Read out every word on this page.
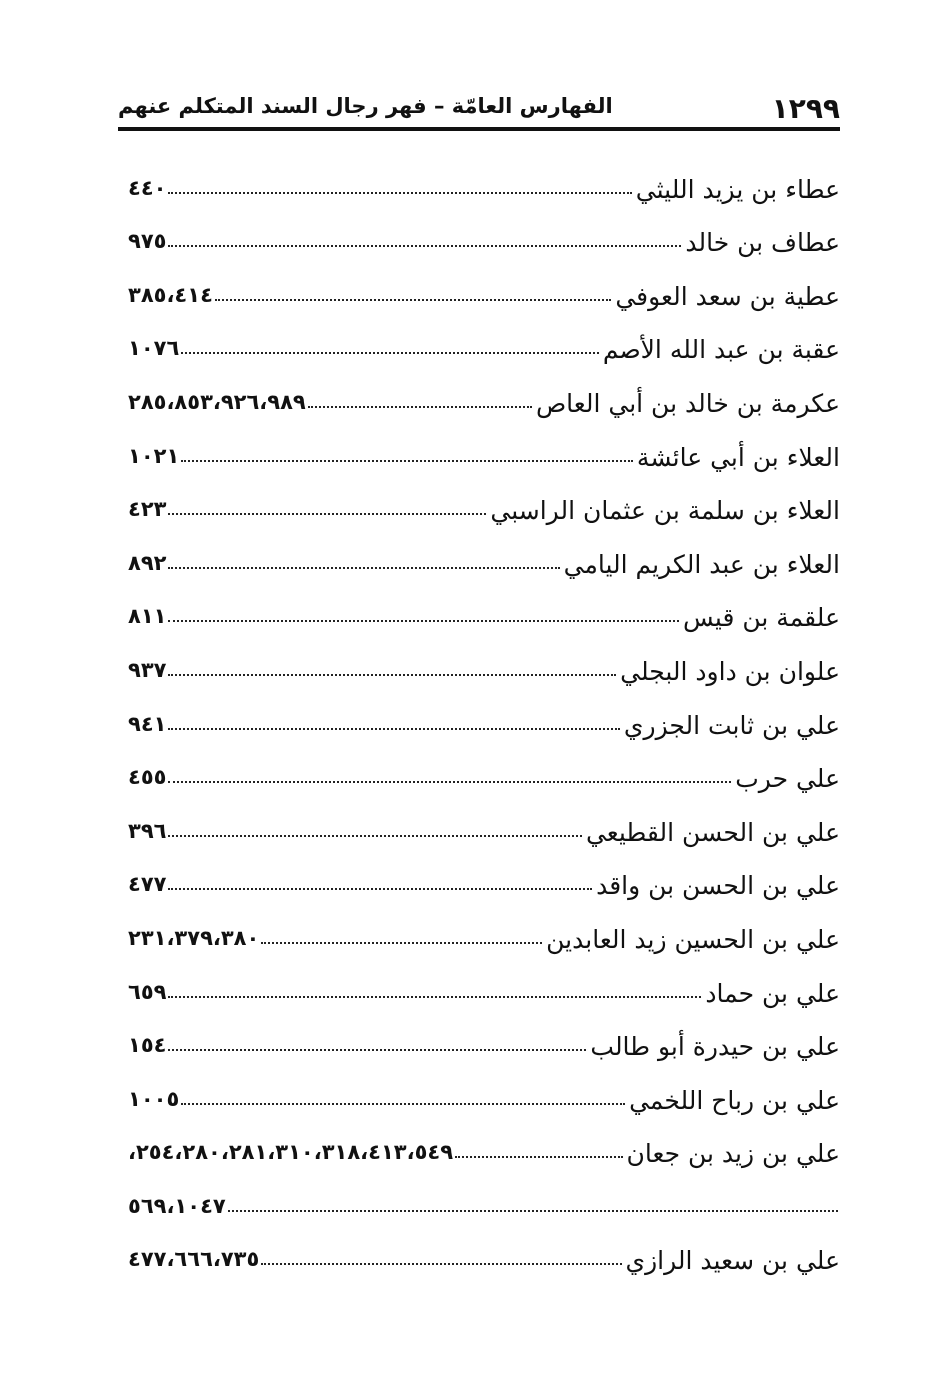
١٢٩٩
الفهارس العامّة – فهر رجال السند المتكلم عنهم
عطاء بن يزيد الليثي
٤٤٠
عطاف بن خالد
٩٧٥
عطية بن سعد العوفي
٣٨٥،٤١٤
عقبة بن عبد الله الأصم
١٠٧٦
عكرمة بن خالد بن أبي العاص
٢٨٥،٨٥٣،٩٢٦،٩٨٩
العلاء بن أبي عائشة
١٠٢١
العلاء بن سلمة بن عثمان الراسبي
٤٢٣
العلاء بن عبد الكريم اليامي
٨٩٢
علقمة بن قيس
٨١١
علوان بن داود البجلي
٩٣٧
علي بن ثابت الجزري
٩٤١
علي حرب
٤٥٥
علي بن الحسن القطيعي
٣٩٦
علي بن الحسن بن واقد
٤٧٧
علي بن الحسين زيد العابدين
٢٣١،٣٧٩،٣٨٠
علي بن حماد
٦٥٩
علي بن حيدرة أبو طالب
١٥٤
علي بن رباح اللخمي
١٠٠٥
علي بن زيد بن جعان
٢٥٤،٢٨٠،٢٨١،٣١٠،٣١٨،٤١٣،٥٤٩،
٥٦٩،١٠٤٧
علي بن سعيد الرازي
٤٧٧،٦٦٦،٧٣٥
